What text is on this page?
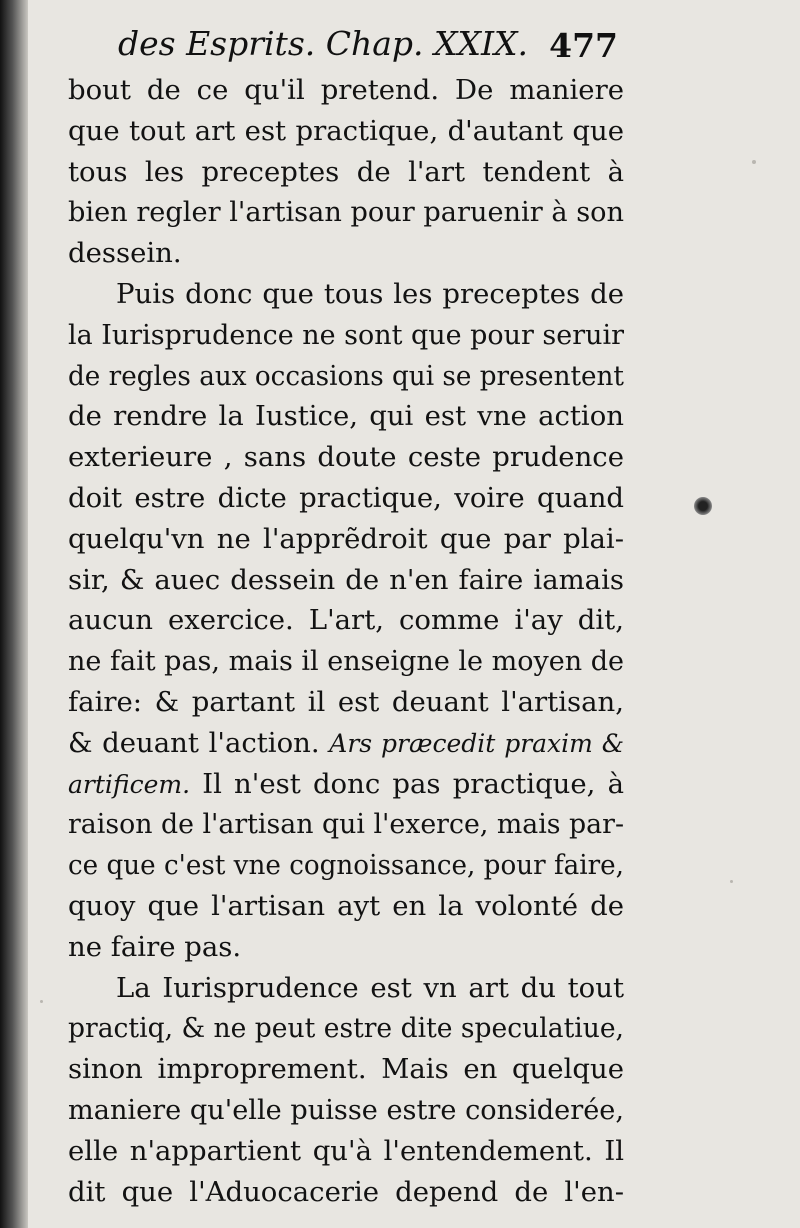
des Esprits. Chap. XXIX. 477
bout de ce qu'il pretend. De maniere
que tout art est practique, d'autant que
tous les preceptes de l'art tendent à
bien regler l'artisan pour paruenir à son
dessein.
Puis donc que tous les preceptes de
la Iurisprudence ne sont que pour seruir
de regles aux occasions qui se presentent
de rendre la Iustice, qui est vne action
exterieure , sans doute ceste prudence
doit estre dicte practique, voire quand
quelqu'vn ne l'apprẽdroit que par plai-
sir, & auec dessein de n'en faire iamais
aucun exercice. L'art, comme i'ay dit,
ne fait pas, mais il enseigne le moyen de
faire: & partant il est deuant l'artisan,
& deuant l'action. Ars præcedit praxim &
artificem. Il n'est donc pas practique, à
raison de l'artisan qui l'exerce, mais par-
ce que c'est vne cognoissance, pour faire,
quoy que l'artisan ayt en la volonté de
ne faire pas.
La Iurisprudence est vn art du tout
practiq, & ne peut estre dite speculatiue,
sinon improprement. Mais en quelque
maniere qu'elle puisse estre considerée,
elle n'appartient qu'à l'entendement. Il
dit que l'Aduocacerie depend de l'en-
